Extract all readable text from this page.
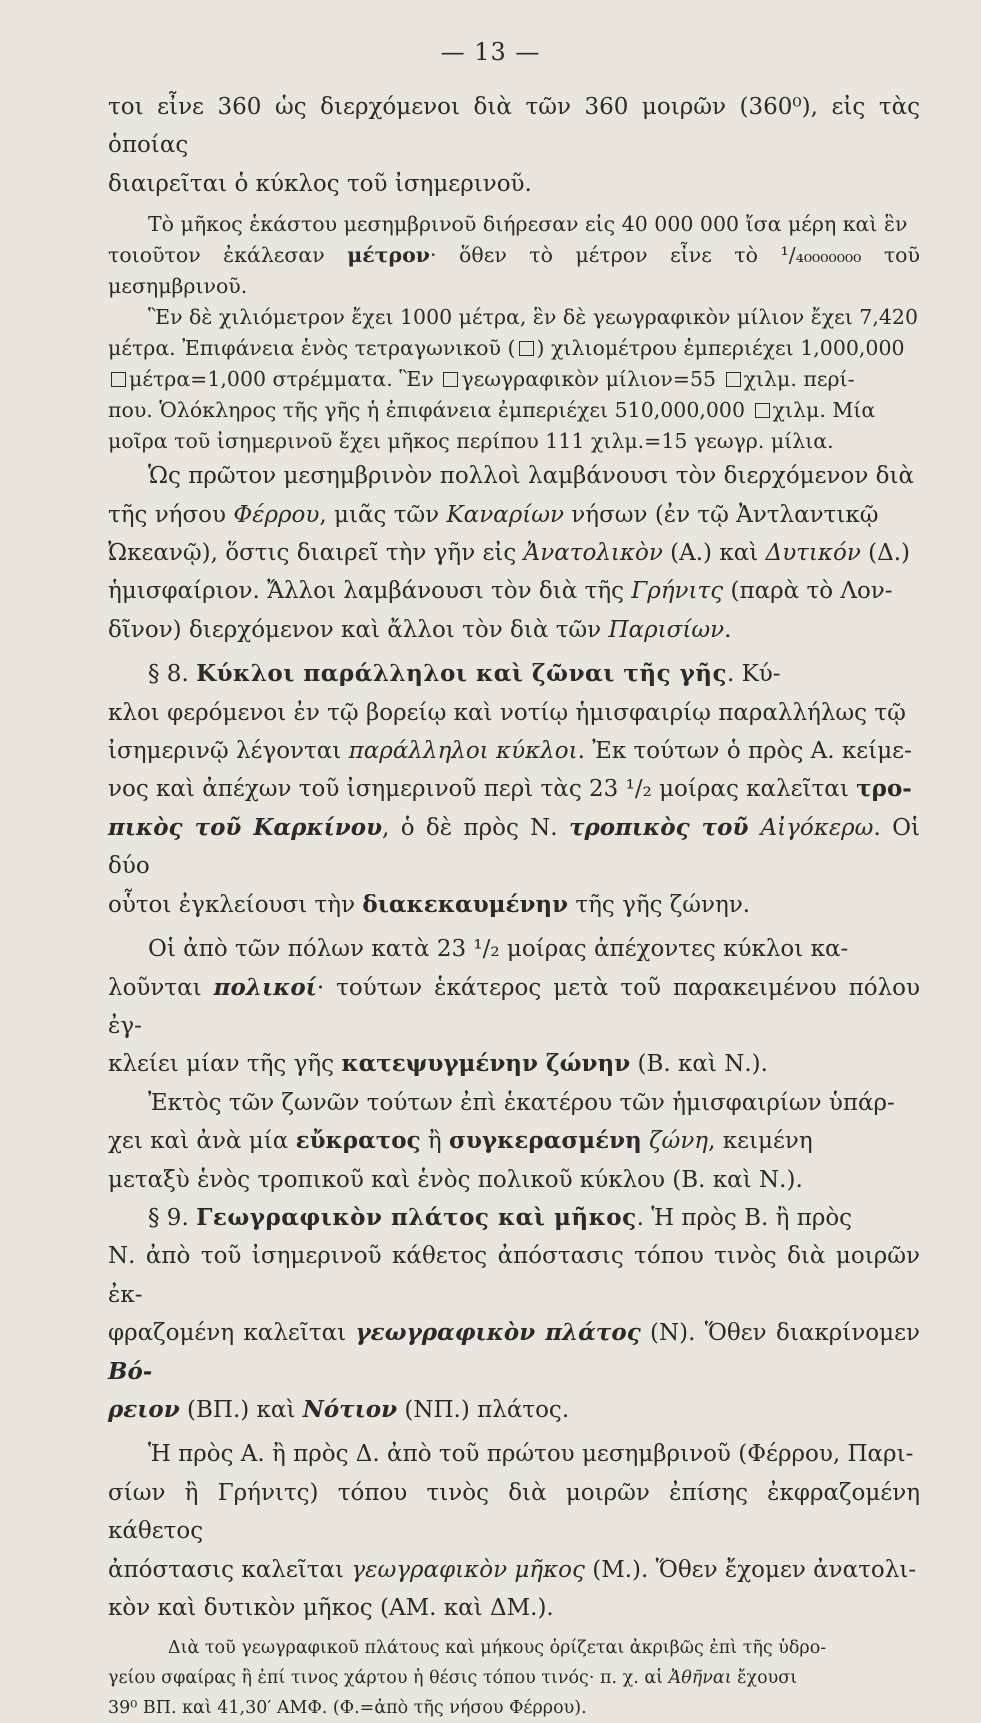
— 13 —

τοι εἶνε 360 ὡς διερχόμενοι διὰ τῶν 360 μοιρῶν (360⁰), εἰς τὰς ὁποίας
διαιρεῖται ὁ κύκλος τοῦ ἰσημερινοῦ.

Τὸ μῆκος ἑκάστου μεσημβρινοῦ διήρεσαν εἰς 40 000 000 ἴσα μέρη καὶ ἓν
τοιοῦτον ἐκάλεσαν μέτρον· ὅθεν τὸ μέτρον εἶνε τὸ ¹/₄₀₀₀₀₀₀₀ τοῦ μεσημβρινοῦ.
Ἓν δὲ χιλιόμετρον ἔχει 1000 μέτρα, ἓν δὲ γεωγραφικὸν μίλιον ἔχει 7,420
μέτρα. Ἐπιφάνεια ἑνὸς τετραγωνικοῦ ( ) χιλιομέτρου ἐμπεριέχει 1,000,000
μέτρα=1,000 στρέμματα. Ἓν γεωγραφικὸν μίλιον=55 χιλμ. περί-
που. Ὁλόκληρος τῆς γῆς ἡ ἐπιφάνεια ἐμπεριέχει 510,000,000 χιλμ. Μία
μοῖρα τοῦ ἰσημερινοῦ ἔχει μῆκος περίπου 111 χιλμ.=15 γεωγρ. μίλια.

Ὡς πρῶτον μεσημβρινὸν πολλοὶ λαμβάνουσι τὸν διερχόμενον διὰ
τῆς νήσου Φέρρου, μιᾶς τῶν Καναρίων νήσων (ἐν τῷ Ἀντλαντικῷ
Ὠκεανῷ), ὅστις διαιρεῖ τὴν γῆν εἰς Ἀνατολικὸν (Α.) καὶ Δυτικόν (Δ.)
ἡμισφαίριον. Ἄλλοι λαμβάνουσι τὸν διὰ τῆς Γρήνιτς (παρὰ τὸ Λον-
δῖνον) διερχόμενον καὶ ἄλλοι τὸν διὰ τῶν Παρισίων.

§ 8. Κύκλοι παράλληλοι καὶ ζῶναι τῆς γῆς. Κύ-
κλοι φερόμενοι ἐν τῷ βορείῳ καὶ νοτίῳ ἡμισφαιρίῳ παραλλήλως τῷ
ἰσημερινῷ λέγονται παράλληλοι κύκλοι. Ἐκ τούτων ὁ πρὸς Α. κείμε-
νος καὶ ἀπέχων τοῦ ἰσημερινοῦ περὶ τὰς 23 ¹/₂ μοίρας καλεῖται τρο-
πικὸς τοῦ Καρκίνου, ὁ δὲ πρὸς Ν. τροπικὸς τοῦ Αἰγόκερω. Οἱ δύο
οὗτοι ἐγκλείουσι τὴν διακεκαυμένην τῆς γῆς ζώνην.

Οἱ ἀπὸ τῶν πόλων κατὰ 23 ¹/₂ μοίρας ἀπέχοντες κύκλοι κα-
λοῦνται πολικοί· τούτων ἑκάτερος μετὰ τοῦ παρακειμένου πόλου ἐγ-
κλείει μίαν τῆς γῆς κατεψυγμένην ζώνην (Β. καὶ Ν.).

Ἐκτὸς τῶν ζωνῶν τούτων ἐπὶ ἑκατέρου τῶν ἡμισφαιρίων ὑπάρ-
χει καὶ ἀνὰ μία εὔκρατος ἢ συγκερασμένη ζώνη, κειμένη
μεταξὺ ἑνὸς τροπικοῦ καὶ ἑνὸς πολικοῦ κύκλου (Β. καὶ Ν.).

§ 9. Γεωγραφικὸν πλάτος καὶ μῆκος. Ἡ πρὸς Β. ἢ πρὸς
Ν. ἀπὸ τοῦ ἰσημερινοῦ κάθετος ἀπόστασις τόπου τινὸς διὰ μοιρῶν ἐκ-
φραζομένη καλεῖται γεωγραφικὸν πλάτος (Ν). Ὅθεν διακρίνομεν Βό-
ρειον (ΒΠ.) καὶ Νότιον (ΝΠ.) πλάτος.

Ἡ πρὸς Α. ἢ πρὸς Δ. ἀπὸ τοῦ πρώτου μεσημβρινοῦ (Φέρρου, Παρι-
σίων ἢ Γρήνιτς) τόπου τινὸς διὰ μοιρῶν ἐπίσης ἐκφραζομένη κάθετος
ἀπόστασις καλεῖται γεωγραφικὸν μῆκος (Μ.). Ὅθεν ἔχομεν ἀνατολι-
κὸν καὶ δυτικὸν μῆκος (ΑΜ. καὶ ΔΜ.).

Διὰ τοῦ γεωγραφικοῦ πλάτους καὶ μήκους ὁρίζεται ἀκριβῶς ἐπὶ τῆς ὑδρο-
γείου σφαίρας ἢ ἐπί τινος χάρτου ἡ θέσις τόπου τινός· π. χ. αἱ Ἀθῆναι ἔχουσι
39⁰ ΒΠ. καὶ 41,30′ ΑΜΦ. (Φ.=ἀπὸ τῆς νήσου Φέρρου).
